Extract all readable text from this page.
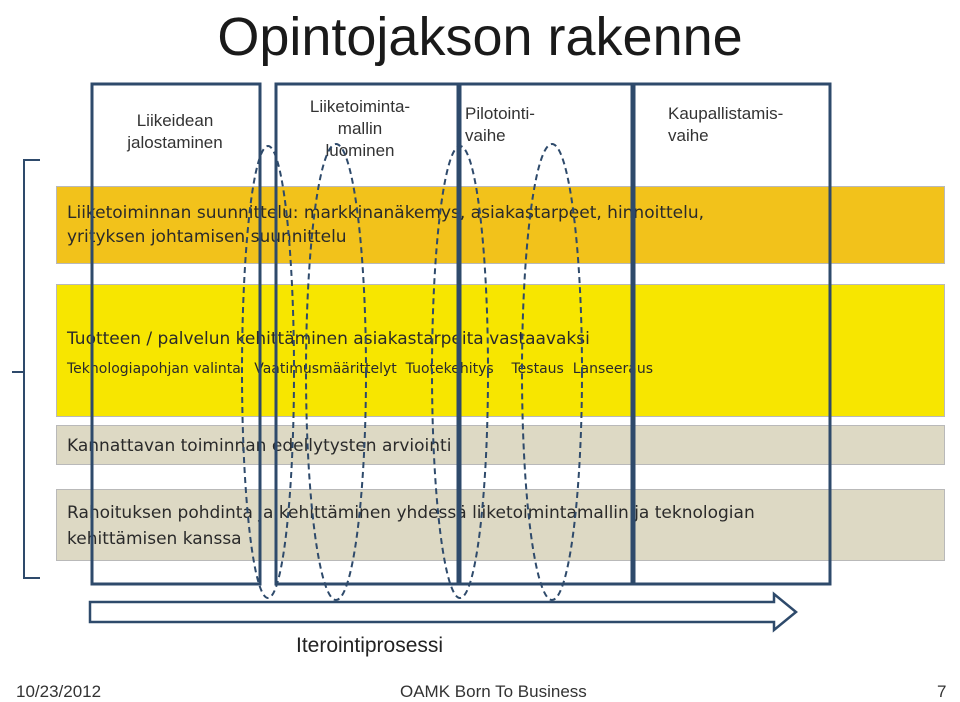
Opintojakson rakenne
Liikeidean
jalostaminen
Liiketoiminta-
mallin
luominen
Pilotointi-
vaihe
Kaupallistamis-
vaihe
Liiketoiminnan suunnittelu: markkinanäkemys, asiakastarpeet, hinnoittelu,
yrityksen johtamisen suunnittelu
Tuotteen / palvelun kehittäminen asiakastarpeita vastaavaksi
Teknologiapohjan valinta Vaatimusmäärittelyt Tuotekehitys Testaus Lanseeraus
Kannattavan toiminnan edellytysten arviointi
Rahoituksen pohdinta ja kehittäminen yhdessä liiketoimintamallin ja teknologian
kehittämisen kanssa
Iterointiprosessi
10/23/2012	OAMK Born To Business	7
